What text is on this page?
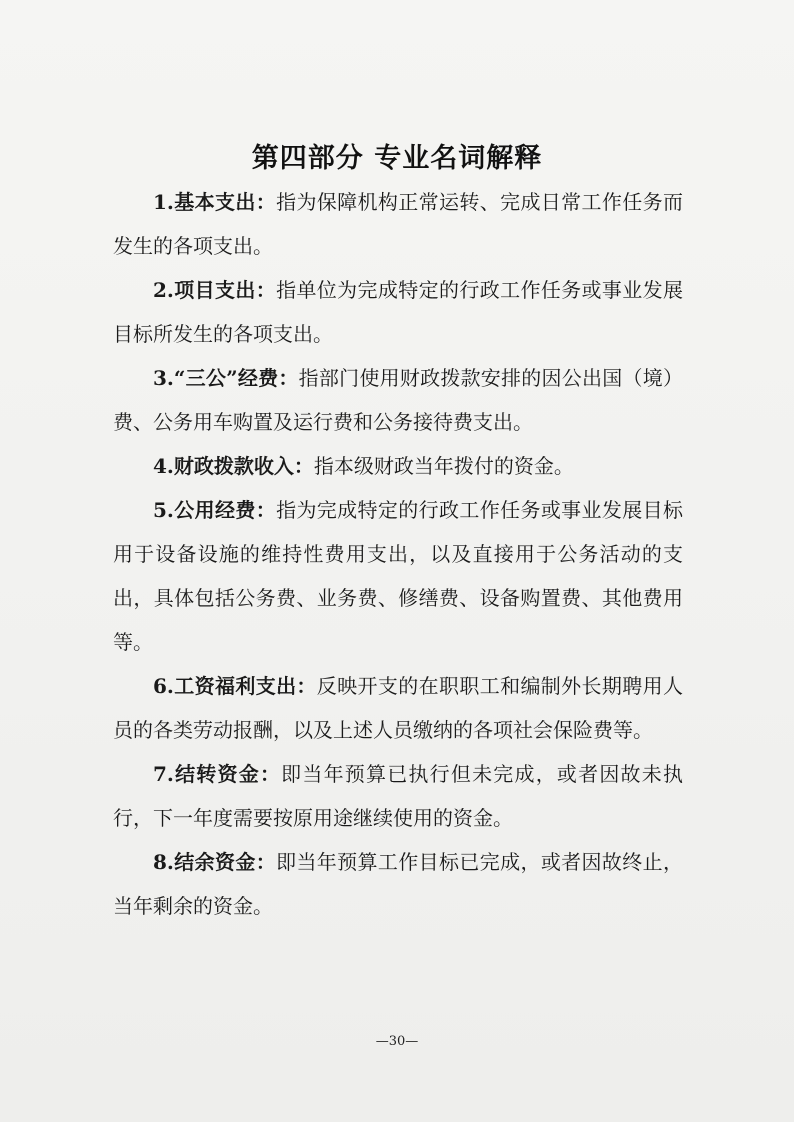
第四部分 专业名词解释

1.基本支出：指为保障机构正常运转、完成日常工作任务而发生的各项支出。

2.项目支出：指单位为完成特定的行政工作任务或事业发展目标所发生的各项支出。

3.“三公”经费：指部门使用财政拨款安排的因公出国（境）费、公务用车购置及运行费和公务接待费支出。

4.财政拨款收入：指本级财政当年拨付的资金。

5.公用经费：指为完成特定的行政工作任务或事业发展目标用于设备设施的维持性费用支出，以及直接用于公务活动的支出，具体包括公务费、业务费、修缮费、设备购置费、其他费用等。

6.工资福利支出：反映开支的在职职工和编制外长期聘用人员的各类劳动报酬，以及上述人员缴纳的各项社会保险费等。

7.结转资金：即当年预算已执行但未完成，或者因故未执行，下一年度需要按原用途继续使用的资金。

8.结余资金：即当年预算工作目标已完成，或者因故终止，当年剩余的资金。

—30—
